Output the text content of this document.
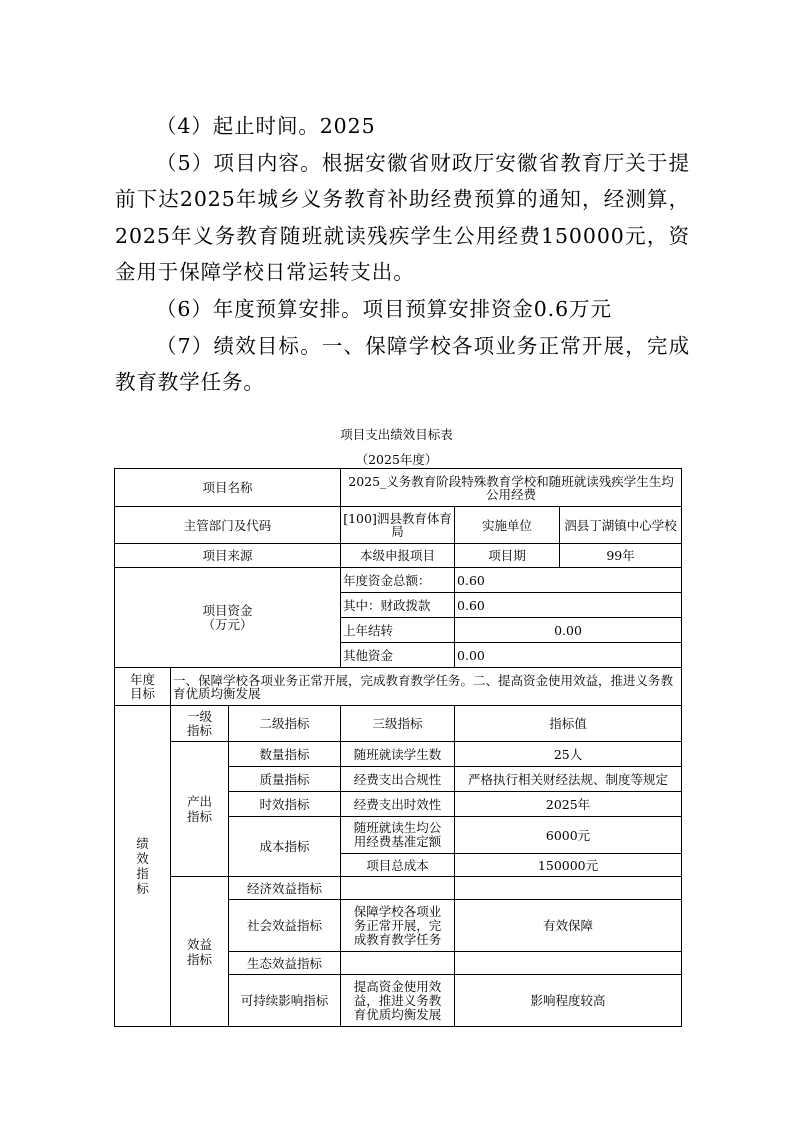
（4）起止时间。2025

（5）项目内容。根据安徽省财政厅安徽省教育厅关于提前下达2025年城乡义务教育补助经费预算的通知，经测算，2025年义务教育随班就读残疾学生公用经费150000元，资金用于保障学校日常运转支出。

（6）年度预算安排。项目预算安排资金0.6万元

（7）绩效目标。一、保障学校各项业务正常开展，完成教育教学任务。

项目支出绩效目标表
（2025年度）
项目名称			2025_义务教育阶段特殊教育学校和随班就读残疾学生生均公用经费		
主管部门及代码			[100]泗县教育体育局	实施单位	泗县丁湖镇中心学校
项目来源			本级申报项目	项目期	99年

项目资金（万元）			年度资金总额：	0.60	
			其中：财政拨款	0.60	
			上年结转	0.00	
			其他资金	0.00	

年度目标	一、保障学校各项业务正常开展，完成教育教学任务。二、提高资金使用效益，推进义务教育优质均衡发展				

绩效指标	一级指标	二级指标	三级指标	指标值	

	产出指标	数量指标	随班就读学生数	25人	
		质量指标	经费支出合规性	严格执行相关财经法规、制度等规定	
		时效指标	经费支出时效性	2025年	
		成本指标	随班就读生均公用经费基准定额	6000元	
			项目总成本	150000元	

	效益指标	经济效益指标			
		社会效益指标	保障学校各项业务正常开展，完成教育教学任务	有效保障	
		生态效益指标			
		可持续影响指标	提高资金使用效益，推进义务教育优质均衡发展	影响程度较高	
